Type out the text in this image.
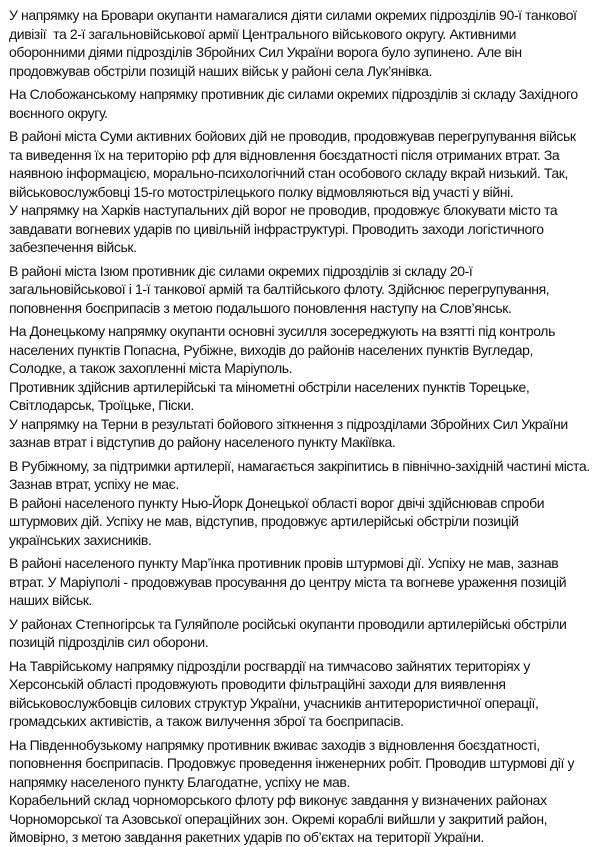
У напрямку на Бровари окупанти намагалися діяти силами окремих підрозділів 90-ї танкової дивізії  та 2-ї загальновійськової армії Центрального військового округу. Активними оборонними діями підрозділів Збройних Сил України ворога було зупинено. Але він продовжував обстріли позицій наших військ у районі села Лук’янівка.

На Слобожанському напрямку противник діє силами окремих підрозділів зі складу Західного воєнного округу.

В районі міста Суми активних бойових дій не проводив, продовжував перегрупування військ та виведення їх на територію рф для відновлення боєздатності після отриманих втрат. За наявною інформацією, морально-психологічний стан особового складу вкрай низький. Так, військовослужбовці 15-го мотострілецького полку відмовляються від участі у війні.
У напрямку на Харків наступальних дій ворог не проводив, продовжує блокувати місто та завдавати вогневих ударів по цивільній інфраструктурі. Проводить заходи логістичного забезпечення військ.

В районі міста Ізюм противник діє силами окремих підрозділів зі складу 20-ї загальновійськової і 1-ї танкової армій та балтійського флоту. Здійснює перегрупування, поповнення боєприпасів з метою подальшого поновлення наступу на Слов’янськ.

На Донецькому напрямку окупанти основні зусилля зосереджують на взятті під контроль населених пунктів Попасна, Рубіжне, виходів до районів населених пунктів Вугледар, Солодке, а також захопленні міста Маріуполь.
Противник здійснив артилерійські та мінометні обстріли населених пунктів Торецьке, Світлодарськ, Троїцьке, Піски.
У напрямку на Терни в результаті бойового зіткнення з підрозділами Збройних Сил України зазнав втрат і відступив до району населеного пункту Макіївка.

В Рубіжному, за підтримки артилерії, намагається закріпитись в північно-західній частині міста. Зазнав втрат, успіху не має.
В районі населеного пункту Нью-Йорк Донецької області ворог двічі здійснював спроби штурмових дій. Успіху не мав, відступив, продовжує артилерійські обстріли позицій українських захисників.

В районі населеного пункту Мар’їнка противник провів штурмові дії. Успіху не мав, зазнав втрат. У Маріуполі - продовжував просування до центру міста та вогневе ураження позицій наших військ.

У районах Степногірськ та Гуляйполе російські окупанти проводили артилерійські обстріли позицій підрозділів сил оборони.

На Таврійському напрямку підрозділи росгвардії на тимчасово зайнятих територіях у Херсонській області продовжують проводити фільтраційні заходи для виявлення військовослужбовців силових структур України, учасників антитерористичної операції, громадських активістів, а також вилучення зброї та боєприпасів.

На Південнобузькому напрямку противник вживає заходів з відновлення боєздатності, поповнення боєприпасів. Продовжує проведення інженерних робіт. Проводив штурмові дії у напрямку населеного пункту Благодатне, успіху не мав.
Корабельний склад чорноморського флоту рф виконує завдання у визначених районах Чорноморської та Азовської операційних зон. Окремі кораблі вийшли у закритий район, ймовірно, з метою завдання ракетних ударів по об’єктах на території України.
